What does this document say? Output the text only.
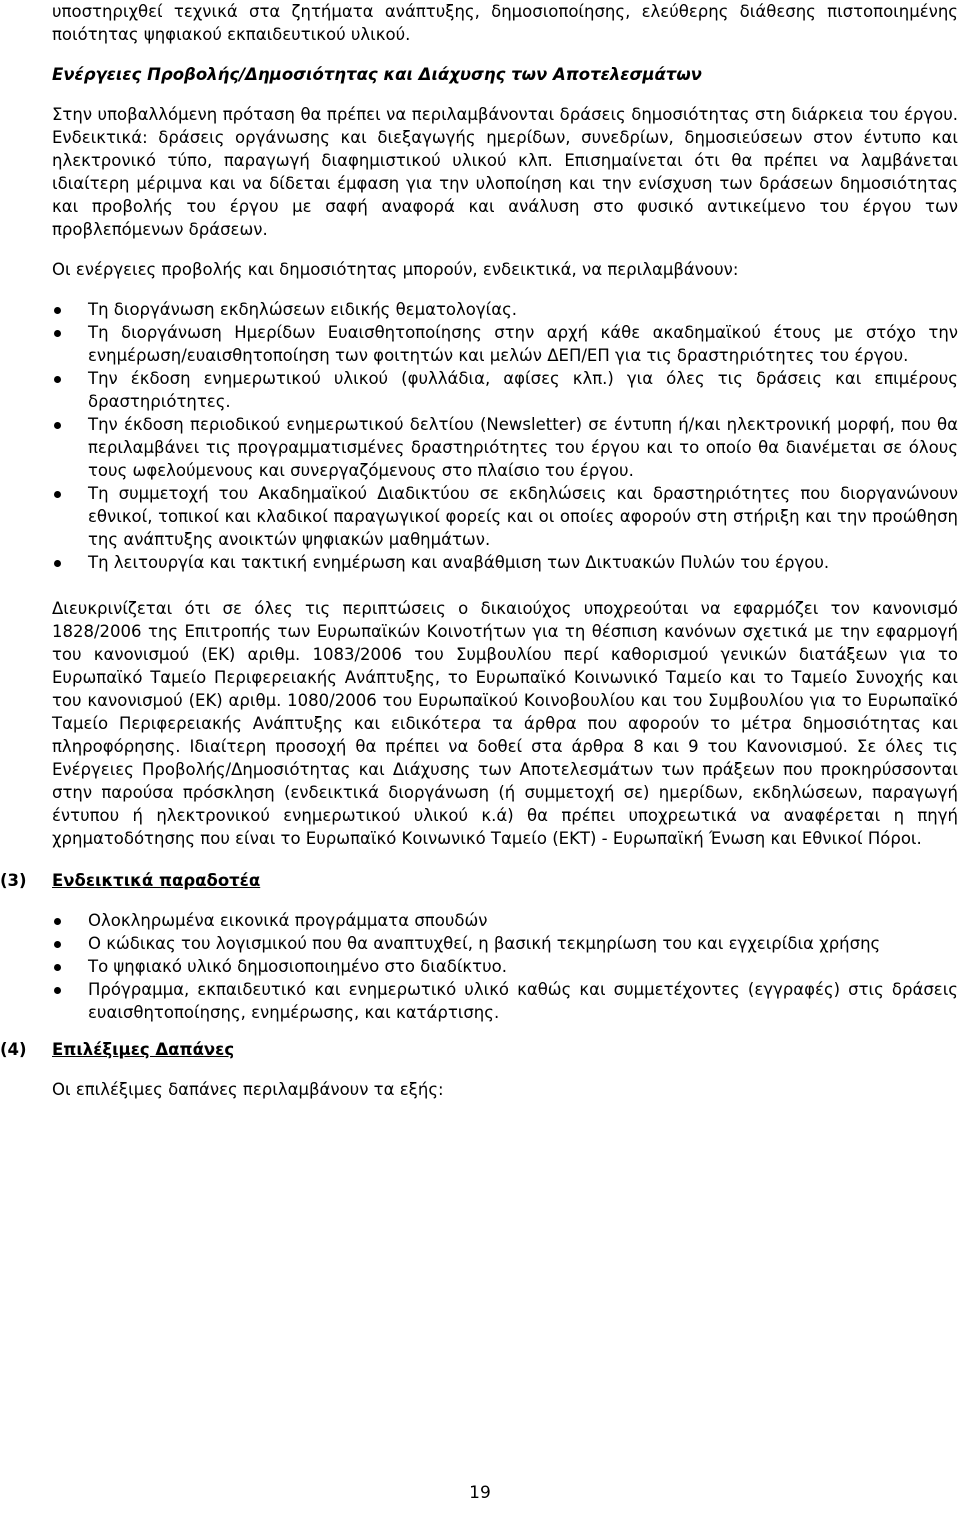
υποστηριχθεί τεχνικά στα ζητήματα ανάπτυξης, δημοσιοποίησης, ελεύθερης διάθεσης πιστοποιημένης ποιότητας ψηφιακού εκπαιδευτικού υλικού.

Ενέργειες Προβολής/Δημοσιότητας και Διάχυσης των Αποτελεσμάτων

Στην υποβαλλόμενη πρόταση θα πρέπει να περιλαμβάνονται δράσεις δημοσιότητας στη διάρκεια του έργου. Ενδεικτικά: δράσεις οργάνωσης και διεξαγωγής ημερίδων, συνεδρίων, δημοσιεύσεων στον έντυπο και ηλεκτρονικό τύπο, παραγωγή διαφημιστικού υλικού κλπ. Επισημαίνεται ότι θα πρέπει να λαμβάνεται ιδιαίτερη μέριμνα και να δίδεται έμφαση για την υλοποίηση και την ενίσχυση των δράσεων δημοσιότητας και προβολής του έργου με σαφή αναφορά και ανάλυση στο φυσικό αντικείμενο του έργου των προβλεπόμενων δράσεων.

Οι ενέργειες προβολής και δημοσιότητας μπορούν, ενδεικτικά, να περιλαμβάνουν:

Τη διοργάνωση εκδηλώσεων ειδικής θεματολογίας.
Τη διοργάνωση Ημερίδων Ευαισθητοποίησης στην αρχή κάθε ακαδημαϊκού έτους με στόχο την ενημέρωση/ευαισθητοποίηση των φοιτητών και μελών ΔΕΠ/ΕΠ για τις δραστηριότητες του έργου.
Την έκδοση ενημερωτικού υλικού (φυλλάδια, αφίσες κλπ.) για όλες τις δράσεις και επιμέρους δραστηριότητες.
Την έκδοση περιοδικού ενημερωτικού δελτίου (Newsletter) σε έντυπη ή/και ηλεκτρονική μορφή, που θα περιλαμβάνει τις προγραμματισμένες δραστηριότητες του έργου και το οποίο θα διανέμεται σε όλους τους ωφελούμενους και συνεργαζόμενους στο πλαίσιο του έργου.
Τη συμμετοχή του Ακαδημαϊκού Διαδικτύου σε εκδηλώσεις και δραστηριότητες που διοργανώνουν εθνικοί, τοπικοί και κλαδικοί παραγωγικοί φορείς και οι οποίες αφορούν στη στήριξη και την προώθηση της ανάπτυξης ανοικτών ψηφιακών μαθημάτων.
Τη λειτουργία και τακτική ενημέρωση και αναβάθμιση των Δικτυακών Πυλών του έργου.

Διευκρινίζεται ότι σε όλες τις περιπτώσεις ο δικαιούχος υποχρεούται να εφαρμόζει τον κανονισμό 1828/2006 της Επιτροπής των Ευρωπαϊκών Κοινοτήτων για τη θέσπιση κανόνων σχετικά με την εφαρμογή του κανονισμού (ΕΚ) αριθμ. 1083/2006 του Συμβουλίου περί καθορισμού γενικών διατάξεων για το Ευρωπαϊκό Ταμείο Περιφερειακής Ανάπτυξης, το Ευρωπαϊκό Κοινωνικό Ταμείο και το Ταμείο Συνοχής και του κανονισμού (ΕΚ) αριθμ. 1080/2006 του Ευρωπαϊκού Κοινοβουλίου και του Συμβουλίου για το Ευρωπαϊκό Ταμείο Περιφερειακής Ανάπτυξης και ειδικότερα τα άρθρα που αφορούν το μέτρα δημοσιότητας και πληροφόρησης. Ιδιαίτερη προσοχή θα πρέπει να δοθεί στα άρθρα 8 και 9 του Κανονισμού. Σε όλες τις Ενέργειες Προβολής/Δημοσιότητας και Διάχυσης των Αποτελεσμάτων των πράξεων που προκηρύσσονται στην παρούσα πρόσκληση (ενδεικτικά διοργάνωση (ή συμμετοχή σε) ημερίδων, εκδηλώσεων, παραγωγή έντυπου ή ηλεκτρονικού ενημερωτικού υλικού κ.ά) θα πρέπει υποχρεωτικά να αναφέρεται η πηγή χρηματοδότησης που είναι το Ευρωπαϊκό Κοινωνικό Ταμείο (ΕΚΤ) - Ευρωπαϊκή Ένωση και Εθνικοί Πόροι.

(3) Ενδεικτικά παραδοτέα
Ολοκληρωμένα εικονικά προγράμματα σπουδών
Ο κώδικας του λογισμικού που θα αναπτυχθεί, η βασική τεκμηρίωση του και εγχειρίδια χρήσης
Το ψηφιακό υλικό δημοσιοποιημένο στο διαδίκτυο.
Πρόγραμμα, εκπαιδευτικό και ενημερωτικό υλικό καθώς και συμμετέχοντες (εγγραφές) στις δράσεις ευαισθητοποίησης, ενημέρωσης, και κατάρτισης.
(4) Επιλέξιμες Δαπάνες

Οι επιλέξιμες δαπάνες περιλαμβάνουν τα εξής:

19
